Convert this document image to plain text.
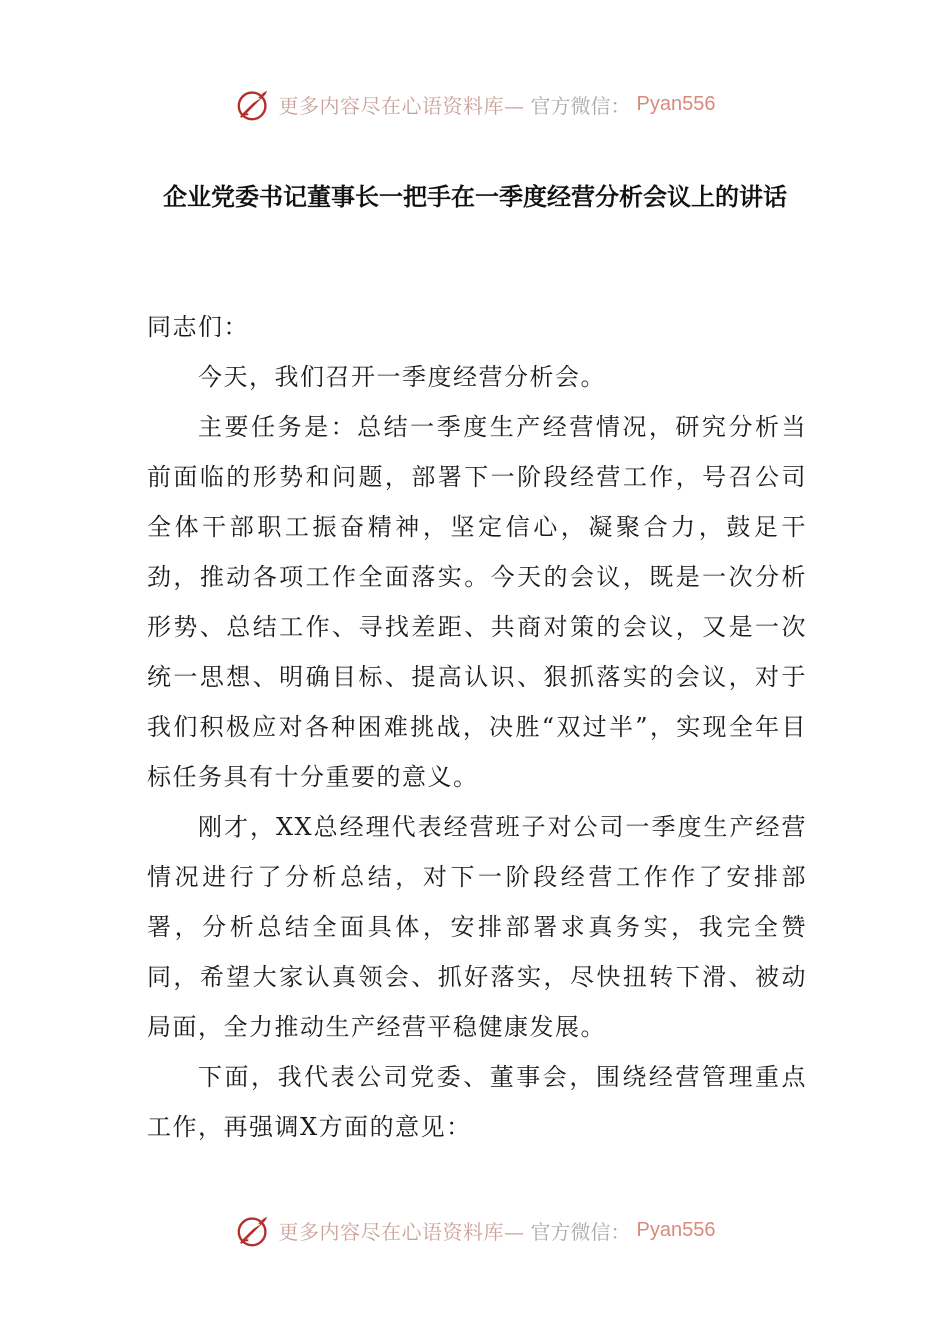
更多内容尽在心语资料库— 官方微信： Pyan556
企业党委书记董事长一把手在一季度经营分析会议上的讲话

同志们：

今天，我们召开一季度经营分析会。

主要任务是：总结一季度生产经营情况，研究分析当前面临的形势和问题，部署下一阶段经营工作，号召公司全体干部职工振奋精神，坚定信心，凝聚合力，鼓足干劲，推动各项工作全面落实。今天的会议，既是一次分析形势、总结工作、寻找差距、共商对策的会议，又是一次统一思想、明确目标、提高认识、狠抓落实的会议，对于我们积极应对各种困难挑战，决胜“双过半”，实现全年目标任务具有十分重要的意义。

刚才，XX总经理代表经营班子对公司一季度生产经营情况进行了分析总结，对下一阶段经营工作作了安排部署，分析总结全面具体，安排部署求真务实，我完全赞同，希望大家认真领会、抓好落实，尽快扭转下滑、被动局面，全力推动生产经营平稳健康发展。

下面，我代表公司党委、董事会，围绕经营管理重点工作，再强调X方面的意见：

更多内容尽在心语资料库— 官方微信： Pyan556
